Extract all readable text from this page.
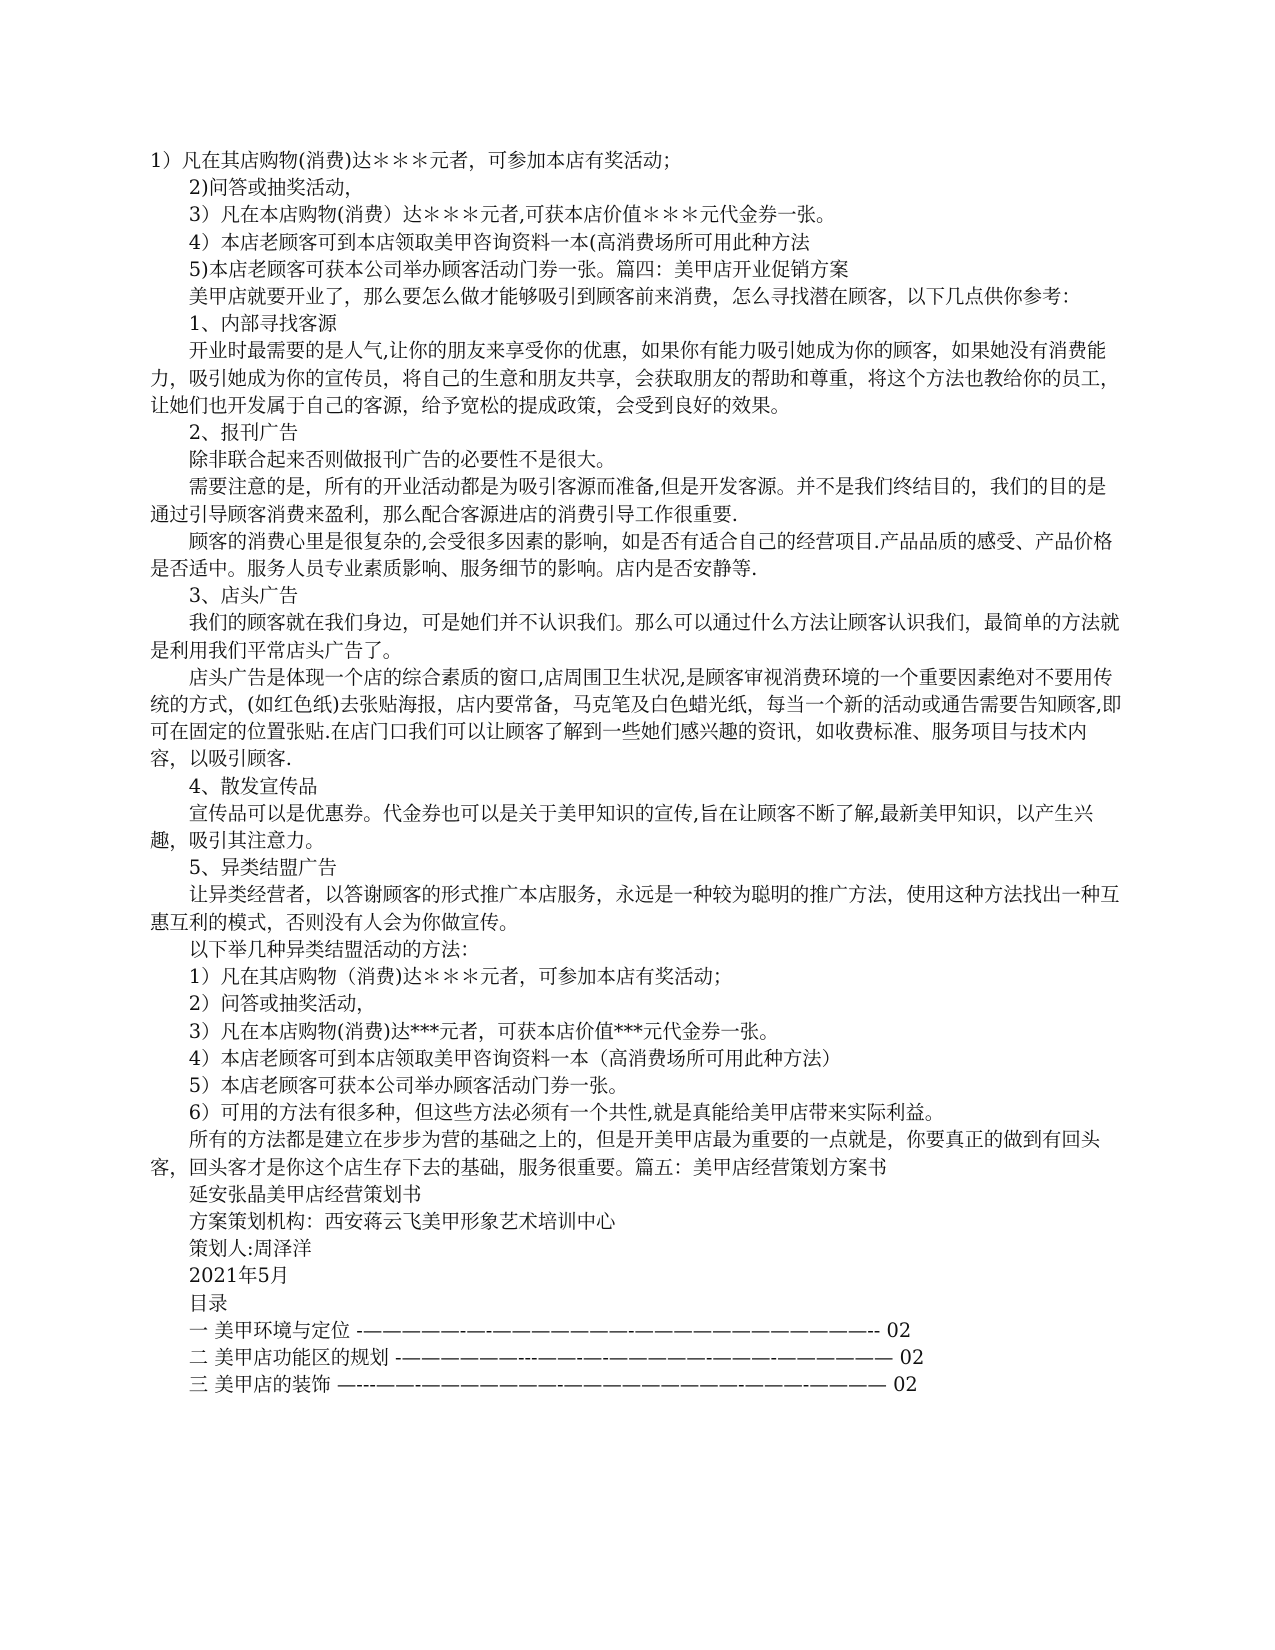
1）凡在其店购物(消费)达＊＊＊元者，可参加本店有奖活动；

2)问答或抽奖活动，

3）凡在本店购物(消费）达＊＊＊元者,可获本店价值＊＊＊元代金券一张。

4）本店老顾客可到本店领取美甲咨询资料一本(高消费场所可用此种方法

5)本店老顾客可获本公司举办顾客活动门券一张。篇四：美甲店开业促销方案

美甲店就要开业了，那么要怎么做才能够吸引到顾客前来消费，怎么寻找潜在顾客，以下几点供你参考：

1、内部寻找客源

开业时最需要的是人气,让你的朋友来享受你的优惠，如果你有能力吸引她成为你的顾客，如果她没有消费能力，吸引她成为你的宣传员，将自己的生意和朋友共享，会获取朋友的帮助和尊重，将这个方法也教给你的员工，让她们也开发属于自己的客源，给予宽松的提成政策，会受到良好的效果。

2、报刊广告

除非联合起来否则做报刊广告的必要性不是很大。

需要注意的是，所有的开业活动都是为吸引客源而准备,但是开发客源。并不是我们终结目的，我们的目的是通过引导顾客消费来盈利，那么配合客源进店的消费引导工作很重要.

顾客的消费心里是很复杂的,会受很多因素的影响，如是否有适合自己的经营项目.产品品质的感受、产品价格是否适中。服务人员专业素质影响、服务细节的影响。店内是否安静等.

3、店头广告

我们的顾客就在我们身边，可是她们并不认识我们。那么可以通过什么方法让顾客认识我们，最简单的方法就是利用我们平常店头广告了。

店头广告是体现一个店的综合素质的窗口,店周围卫生状况,是顾客审视消费环境的一个重要因素绝对不要用传统的方式，(如红色纸)去张贴海报，店内要常备，马克笔及白色蜡光纸，每当一个新的活动或通告需要告知顾客,即可在固定的位置张贴.在店门口我们可以让顾客了解到一些她们感兴趣的资讯，如收费标准、服务项目与技术内容，以吸引顾客.

4、散发宣传品

宣传品可以是优惠券。代金券也可以是关于美甲知识的宣传,旨在让顾客不断了解,最新美甲知识，以产生兴趣，吸引其注意力。

5、异类结盟广告

让异类经营者，以答谢顾客的形式推广本店服务，永远是一种较为聪明的推广方法，使用这种方法找出一种互惠互利的模式，否则没有人会为你做宣传。

以下举几种异类结盟活动的方法：

1）凡在其店购物（消费)达＊＊＊元者，可参加本店有奖活动；

2）问答或抽奖活动，

3）凡在本店购物(消费)达***元者，可获本店价值***元代金券一张。

4）本店老顾客可到本店领取美甲咨询资料一本（高消费场所可用此种方法）

5）本店老顾客可获本公司举办顾客活动门券一张。

6）可用的方法有很多种，但这些方法必须有一个共性,就是真能给美甲店带来实际利益。

所有的方法都是建立在步步为营的基础之上的，但是开美甲店最为重要的一点就是，你要真正的做到有回头客，回头客才是你这个店生存下去的基础，服务很重要。篇五：美甲店经营策划方案书

延安张晶美甲店经营策划书

方案策划机构：西安蒋云飞美甲形象艺术培训中心

策划人:周泽洋

2021年5月

目录

一 美甲环境与定位 -—————-—-———————-————————————-- 02
二 美甲店功能区的规划 -——————---——-—-—————-———-—————— 02
三 美甲店的装饰 —---——-———————-—————————-———-———— 02
